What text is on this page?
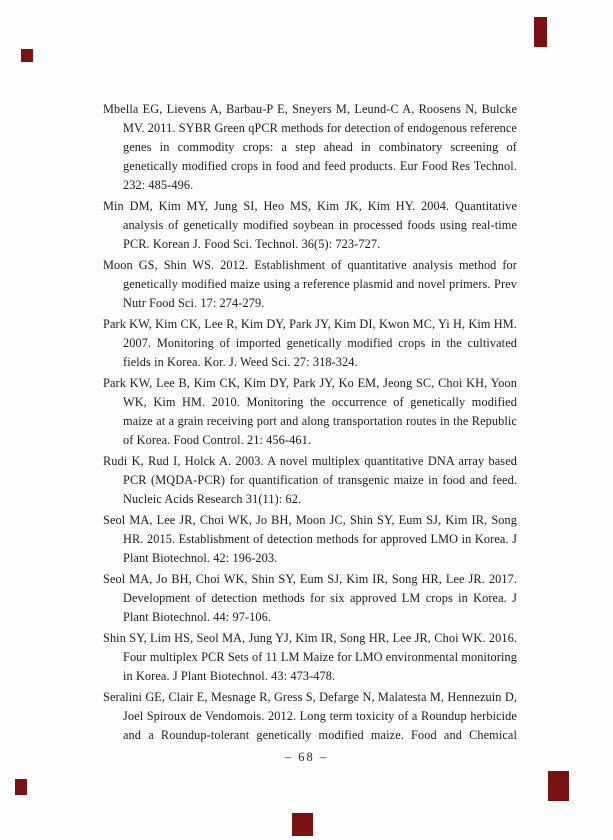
Mbella EG, Lievens A, Barbau-P E, Sneyers M, Leund-C A, Roosens N, Bulcke MV. 2011. SYBR Green qPCR methods for detection of endogenous reference genes in commodity crops: a step ahead in combinatory screening of genetically modified crops in food and feed products. Eur Food Res Technol. 232: 485-496.

Min DM, Kim MY, Jung SI, Heo MS, Kim JK, Kim HY. 2004. Quantitative analysis of genetically modified soybean in processed foods using real-time PCR. Korean J. Food Sci. Technol. 36(5): 723-727.

Moon GS, Shin WS. 2012. Establishment of quantitative analysis method for genetically modified maize using a reference plasmid and novel primers. Prev Nutr Food Sci. 17: 274-279.

Park KW, Kim CK, Lee R, Kim DY, Park JY, Kim DI, Kwon MC, Yi H, Kim HM. 2007. Monitoring of imported genetically modified crops in the cultivated fields in Korea. Kor. J. Weed Sci. 27: 318-324.

Park KW, Lee B, Kim CK, Kim DY, Park JY, Ko EM, Jeong SC, Choi KH, Yoon WK, Kim HM. 2010. Monitoring the occurrence of genetically modified maize at a grain receiving port and along transportation routes in the Republic of Korea. Food Control. 21: 456-461.

Rudi K, Rud I, Holck A. 2003. A novel multiplex quantitative DNA array based PCR (MQDA-PCR) for quantification of transgenic maize in food and feed. Nucleic Acids Research 31(11): 62.

Seol MA, Lee JR, Choi WK, Jo BH, Moon JC, Shin SY, Eum SJ, Kim IR, Song HR. 2015. Establishment of detection methods for approved LMO in Korea. J Plant Biotechnol. 42: 196-203.

Seol MA, Jo BH, Choi WK, Shin SY, Eum SJ, Kim IR, Song HR, Lee JR. 2017. Development of detection methods for six approved LM crops in Korea. J Plant Biotechnol. 44: 97-106.

Shin SY, Lim HS, Seol MA, Jung YJ, Kim IR, Song HR, Lee JR, Choi WK. 2016. Four multiplex PCR Sets of 11 LM Maize for LMO environmental monitoring in Korea. J Plant Biotechnol. 43: 473-478.

Seralini GE, Clair E, Mesnage R, Gress S, Defarge N, Malatesta M, Hennezuin D, Joel Spiroux de Vendomois. 2012. Long term toxicity of a Roundup herbicide and a Roundup-tolerant genetically modified maize. Food and Chemical

– 68 –
